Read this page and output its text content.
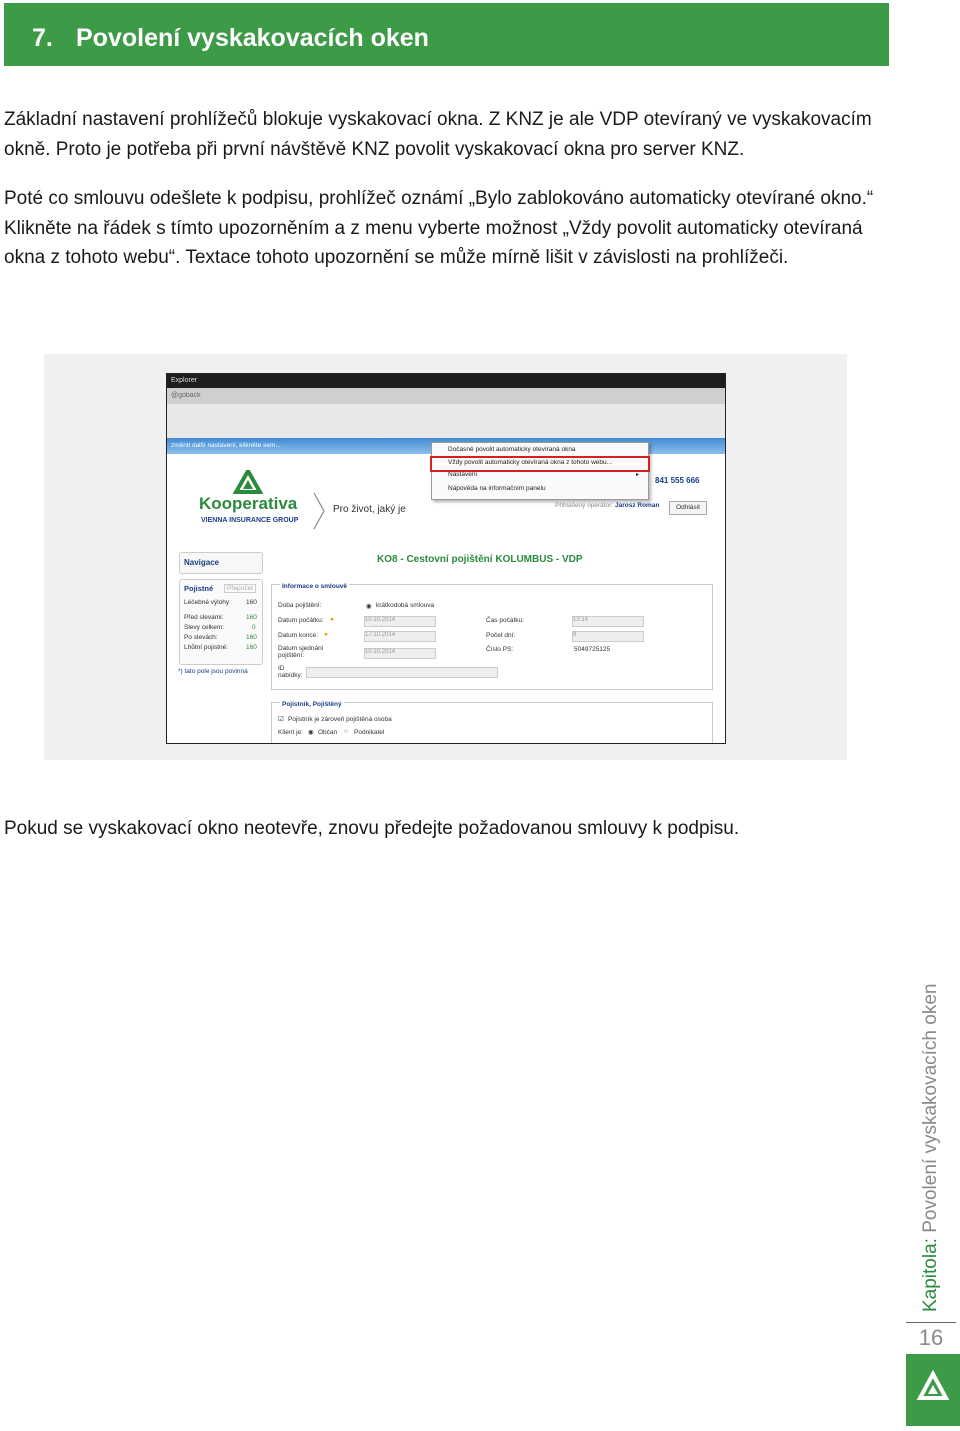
7. Povolení vyskakovacích oken
Základní nastavení prohlížečů blokuje vyskakovací okna. Z KNZ je ale VDP otevíraný ve vyskakovacím okně. Proto je potřeba při první návštěvě KNZ povolit vyskakovací okna pro server KNZ.
Poté co smlouvu odešlete k podpisu, prohlížeč oznámí „Bylo zablokováno automaticky otevírané okno.“ Klikněte na řádek s tímto upozorněním a z menu vyberte možnost „Vždy povolit automaticky otevíraná okna z tohoto webu“. Textace tohoto upozornění se může mírně lišit v závislosti na prohlížeči.
Explorer
@goback
změnit další nastavení, klikněte sem...
Dočasně povolit automaticky otevíraná okna
Vždy povolit automaticky otevíraná okna z tohoto webu...
Nastavení
Nápověda na informačním panelu
▸
Kooperativa
VIENNA INSURANCE GROUP
Pro život, jaký je
841 555 666
Přihlášený operátor: Jarosz Roman	Odhlásit
Navigace	KO8 - Cestovní pojištění KOLUMBUS - VDP
Pojistné	Přepočet
Léčebné výlohy	160
Před slevami:	160
Slevy celkem:	0
Po slevách:	160
Lhůtní pojistné:	160
*) tato pole jsou povinná
Informace o smlouvě
Doba pojištění:	◉ krátkodobá smlouva
Datum počátku: ●	10.10.2014
Datum konce: ●	17.10.2014
Datum sjednání pojištění:	10.10.2014
ID nabídky:
Čas počátku:	13:14
Počet dní:	8
Číslo PS:	5049725125
Pojistník, Pojištěný
☑ Pojistník je zároveň pojištěná osoba
Klient je: ◉ Občan ○ Podnikatel
Pokud se vyskakovací okno neotevře, znovu předejte požadovanou smlouvy k podpisu.
Kapitola: Povolení vyskakovacích oken
16
